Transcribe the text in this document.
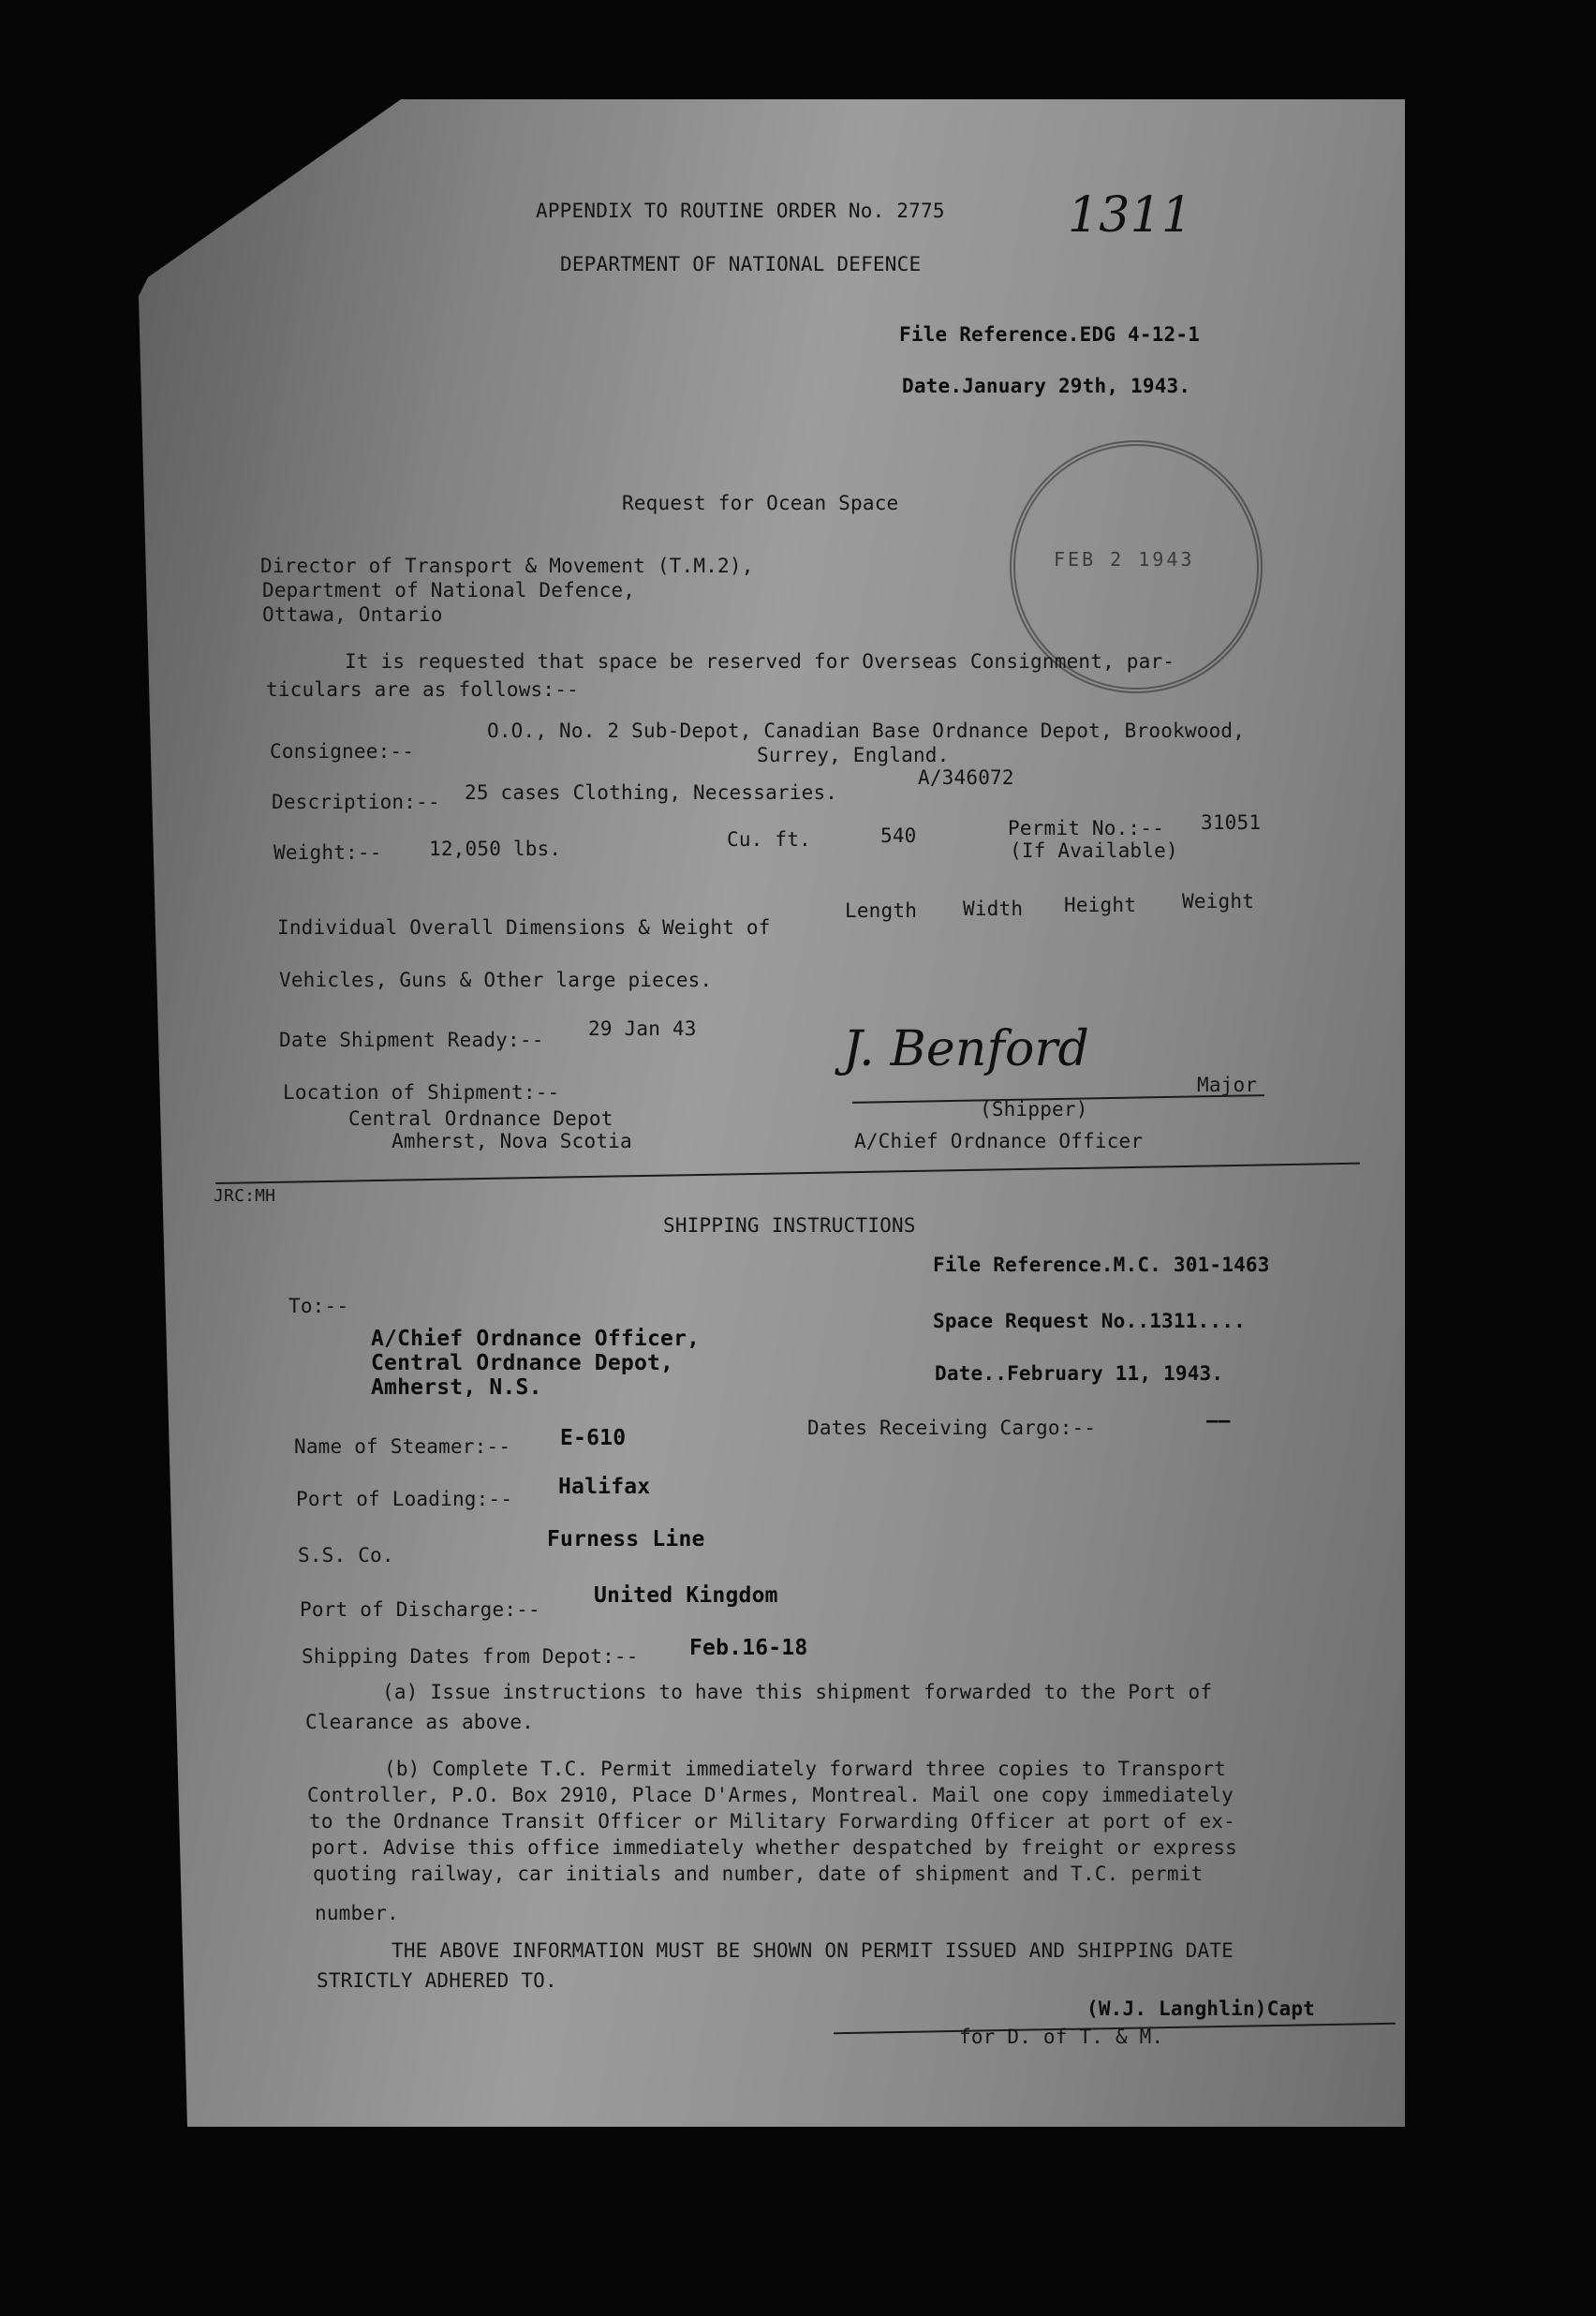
APPENDIX TO ROUTINE ORDER No. 2775	1311
DEPARTMENT OF NATIONAL DEFENCE
File Reference.EDG 4-12-1
Date.January 29th, 1943.
FEB 2 1943
Request for Ocean Space
Director of Transport & Movement (T.M.2),
Department of National Defence,
Ottawa, Ontario
It is requested that space be reserved for Overseas Consignment, par-
ticulars are as follows:--
Consignee:--
O.O., No. 2 Sub-Depot, Canadian Base Ordnance Depot, Brookwood,
Surrey, England.
Description:-- 25 cases Clothing, Necessaries.
A/346072
Weight:-- 12,050 lbs.	Cu. ft.	540	Permit No.:-- 31051
(If Available)
Individual Overall Dimensions & Weight of
Length Width Height Weight
Vehicles, Guns & Other large pieces.
Date Shipment Ready:-- 29 Jan 43
Location of Shipment:--
Central Ordnance Depot
Amherst, Nova Scotia
J. Benford
Major
(Shipper)
A/Chief Ordnance Officer
JRC:MH
SHIPPING INSTRUCTIONS
File Reference.M.C. 301-1463
Space Request No..1311....
Date..February 11, 1943.
To:--
A/Chief Ordnance Officer,
Central Ordnance Depot,
Amherst, N.S.
Name of Steamer:-- E-610	Dates Receiving Cargo:--	——
Port of Loading:-- Halifax
S.S. Co.
Furness Line
Port of Discharge:--
United Kingdom
Shipping Dates from Depot:-- Feb.16-18
(a) Issue instructions to have this shipment forwarded to the Port of
Clearance as above.
(b) Complete T.C. Permit immediately forward three copies to Transport
Controller, P.O. Box 2910, Place D'Armes, Montreal. Mail one copy immediately
to the Ordnance Transit Officer or Military Forwarding Officer at port of ex-
port. Advise this office immediately whether despatched by freight or express
quoting railway, car initials and number, date of shipment and T.C. permit
number.
THE ABOVE INFORMATION MUST BE SHOWN ON PERMIT ISSUED AND SHIPPING DATE
STRICTLY ADHERED TO.
(W.J. Langhlin)Capt
for D. of T. & M.
